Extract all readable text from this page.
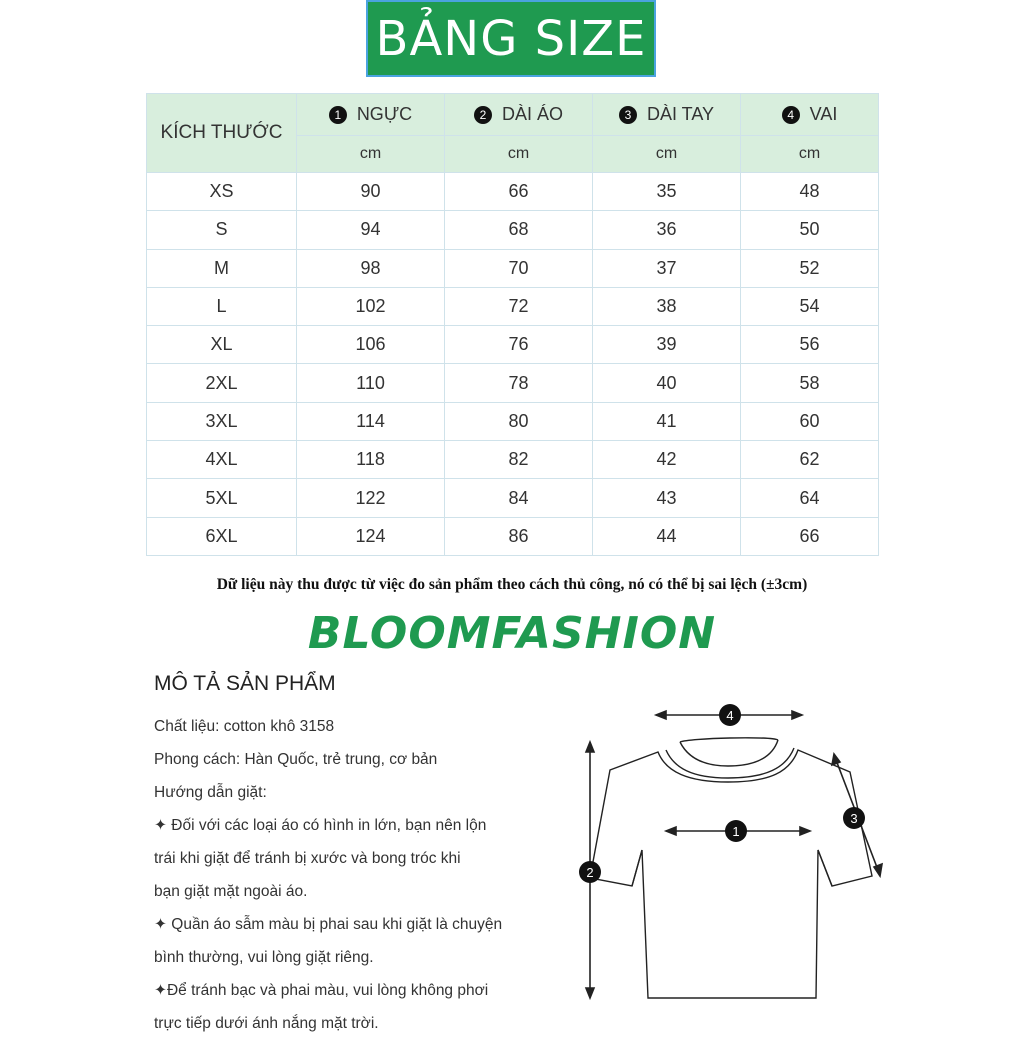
BẢNG SIZE
KÍCH THƯỚC	1 NGỰC	2 DÀI ÁO	3 DÀI TAY	4 VAI
	cm	cm	cm	cm
XS	90	66	35	48
S	94	68	36	50
M	98	70	37	52
L	102	72	38	54
XL	106	76	39	56
2XL	110	78	40	58
3XL	114	80	41	60
4XL	118	82	42	62
5XL	122	84	43	64
6XL	124	86	44	66
Dữ liệu này thu được từ việc đo sản phẩm theo cách thủ công, nó có thể bị sai lệch (±3cm)
BLOOMFASHION
MÔ TẢ SẢN PHẨM
Chất liệu: cotton khô 3158
Phong cách: Hàn Quốc, trẻ trung, cơ bản
Hướng dẫn giặt:
✦ Đối với các loại áo có hình in lớn, bạn nên lộn
trái khi giặt để tránh bị xước và bong tróc khi
bạn giặt mặt ngoài áo.
✦ Quần áo sẫm màu bị phai sau khi giặt là chuyện
bình thường, vui lòng giặt riêng.
✦Để tránh bạc và phai màu, vui lòng không phơi
trực tiếp dưới ánh nắng mặt trời.
4
1
2
3
